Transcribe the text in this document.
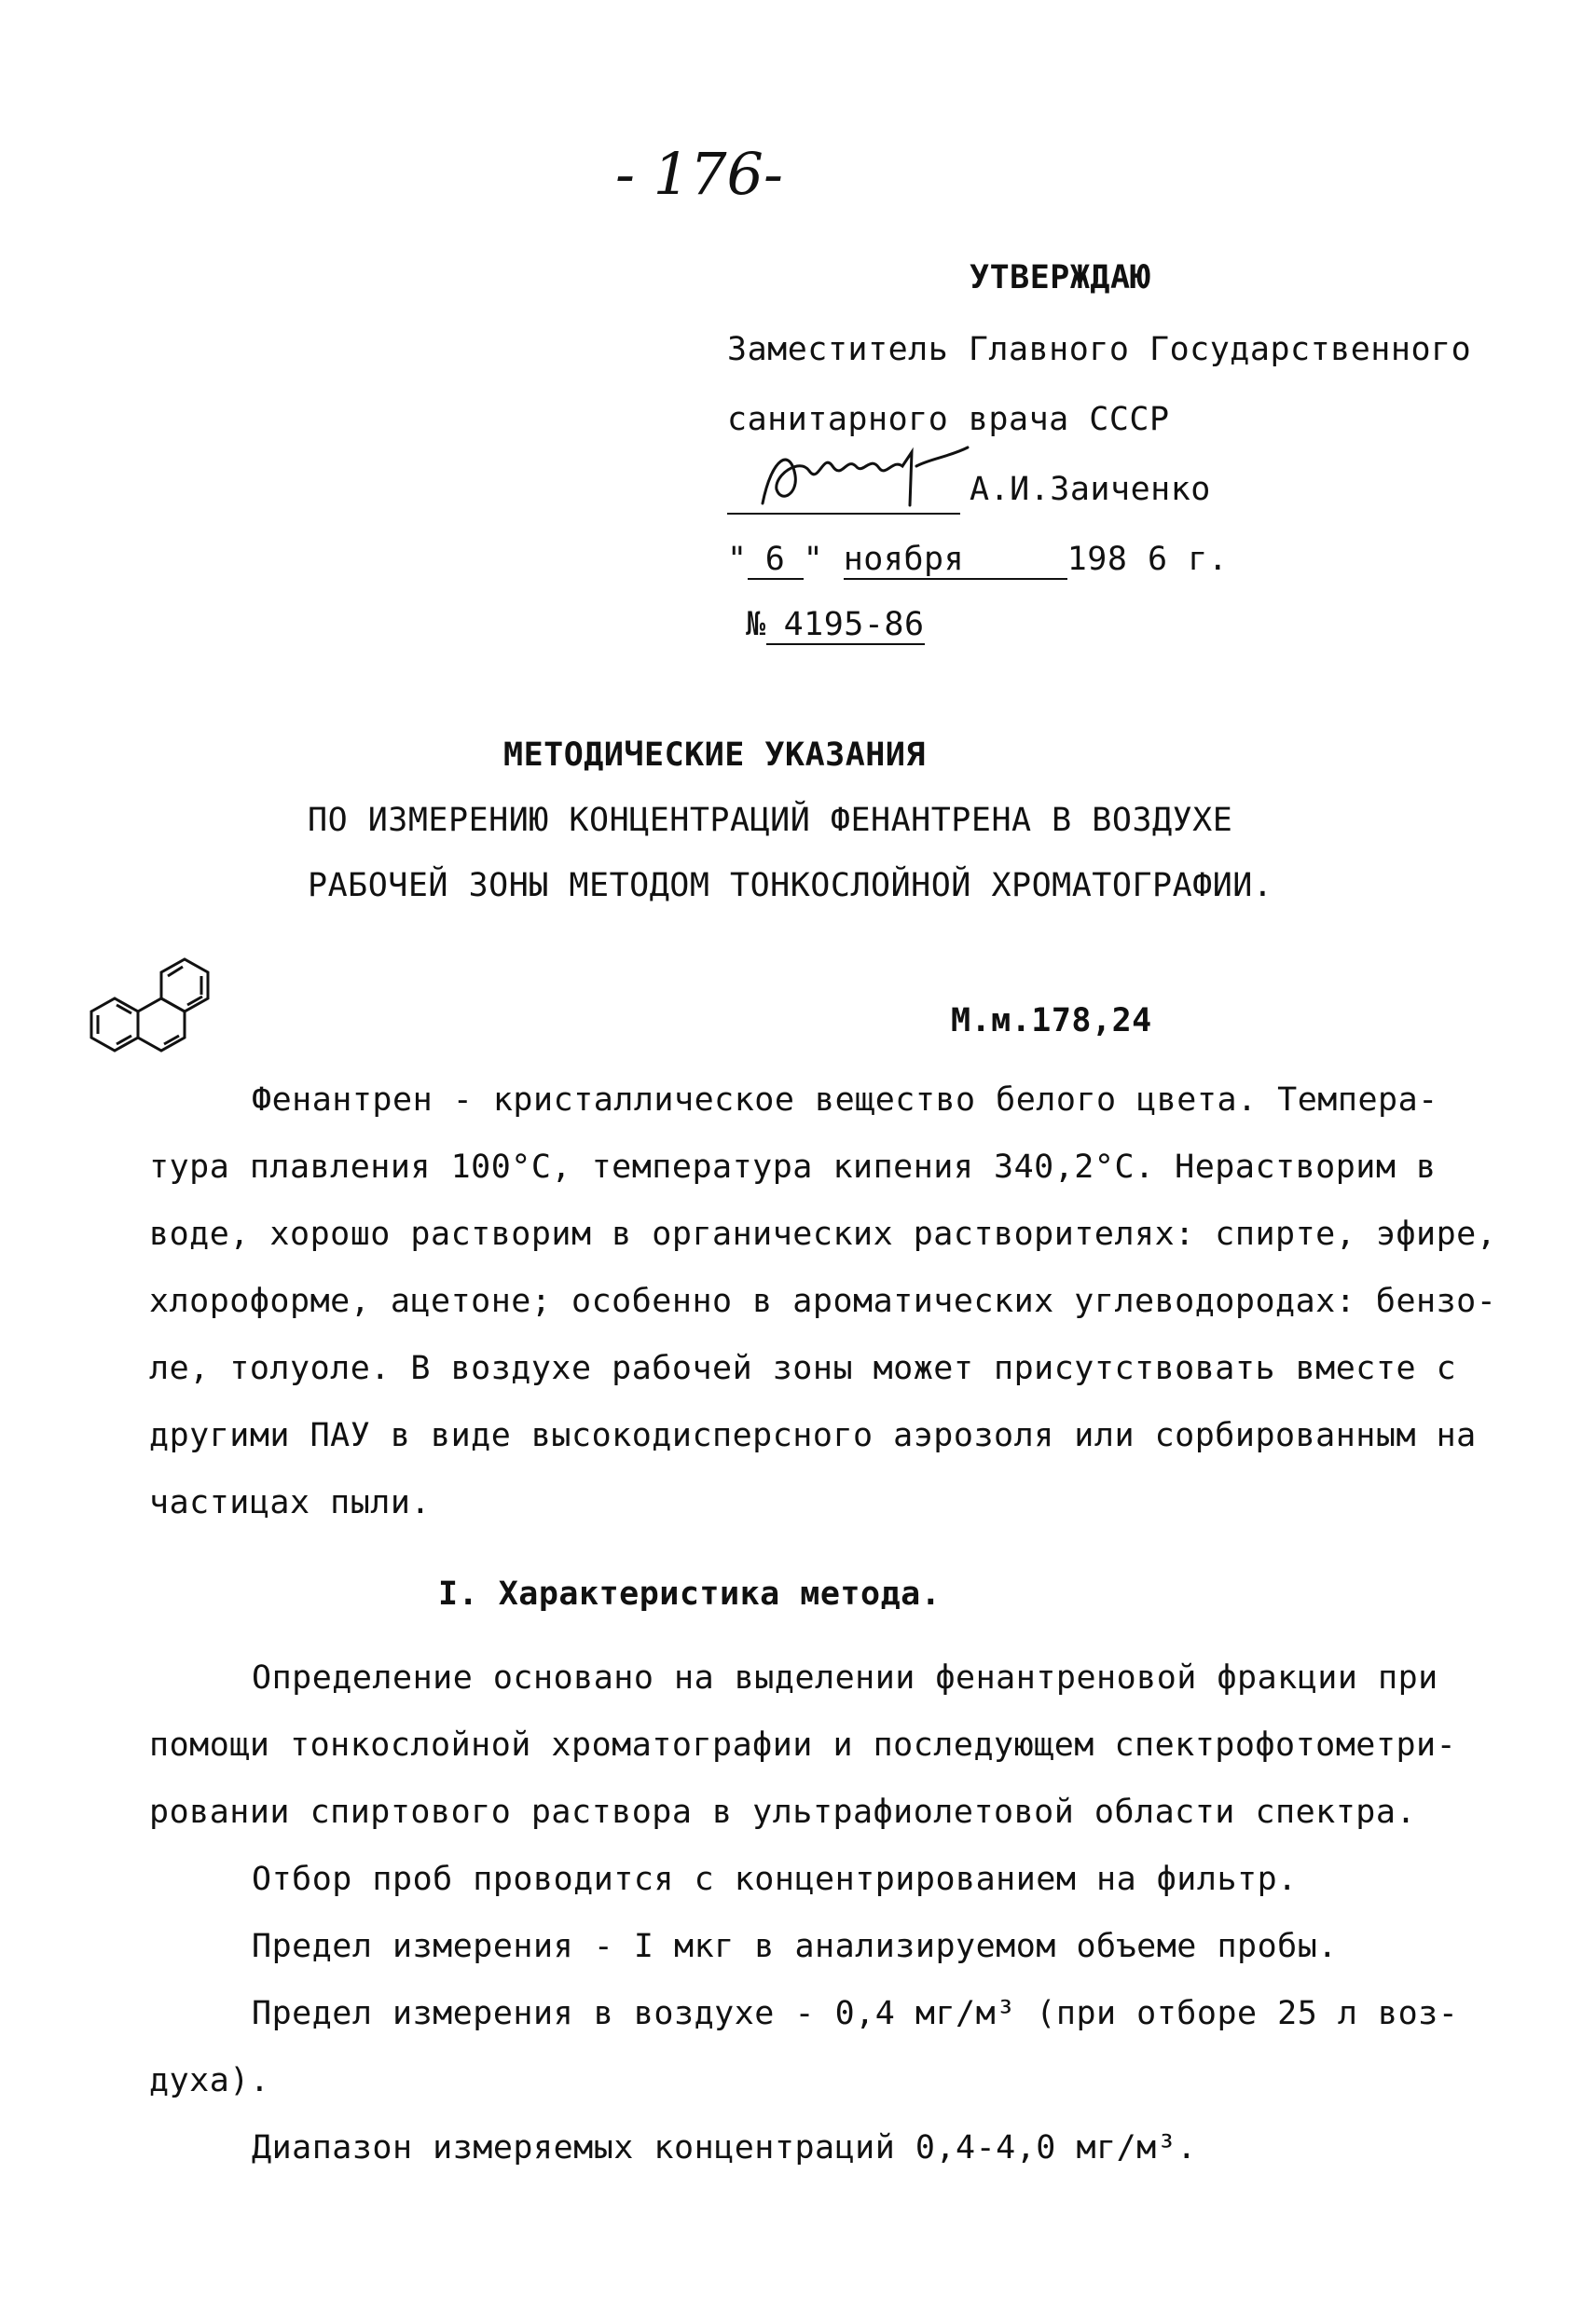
- 176-
УТВЕРЖДАЮ
Заместитель Главного Государственного
санитарного врача СССР
А.И.Заиченко
" 6 " ноября	198 6 г.
№ 4195-86
МЕТОДИЧЕСКИЕ УКАЗАНИЯ
ПО ИЗМЕРЕНИЮ КОНЦЕНТРАЦИЙ ФЕНАНТРЕНА В ВОЗДУХЕ
РАБОЧЕЙ ЗОНЫ МЕТОДОМ ТОНКОСЛОЙНОЙ ХРОМАТОГРАФИИ.
М.м.178,24
Фенантрен - кристаллическое вещество белого цвета. Темпера-
тура плавления 100°С, температура кипения 340,2°С. Нерастворим в
воде, хорошо растворим в органических растворителях: спирте, эфире,
хлороформе, ацетоне; особенно в ароматических углеводородах: бензо-
ле, толуоле. В воздухе рабочей зоны может присутствовать вместе с
другими ПАУ в виде высокодисперсного аэрозоля или сорбированным на
частицах пыли.
I. Характеристика метода.
Определение основано на выделении фенантреновой фракции при
помощи тонкослойной хроматографии и последующем спектрофотометри-
ровании спиртового раствора в ультрафиолетовой области спектра.
Отбор проб проводится с концентрированием на фильтр.
Предел измерения - I мкг в анализируемом объеме пробы.
Предел измерения в воздухе - 0,4 мг/м³ (при отборе 25 л воз-
духа).
Диапазон измеряемых концентраций 0,4-4,0 мг/м³.
